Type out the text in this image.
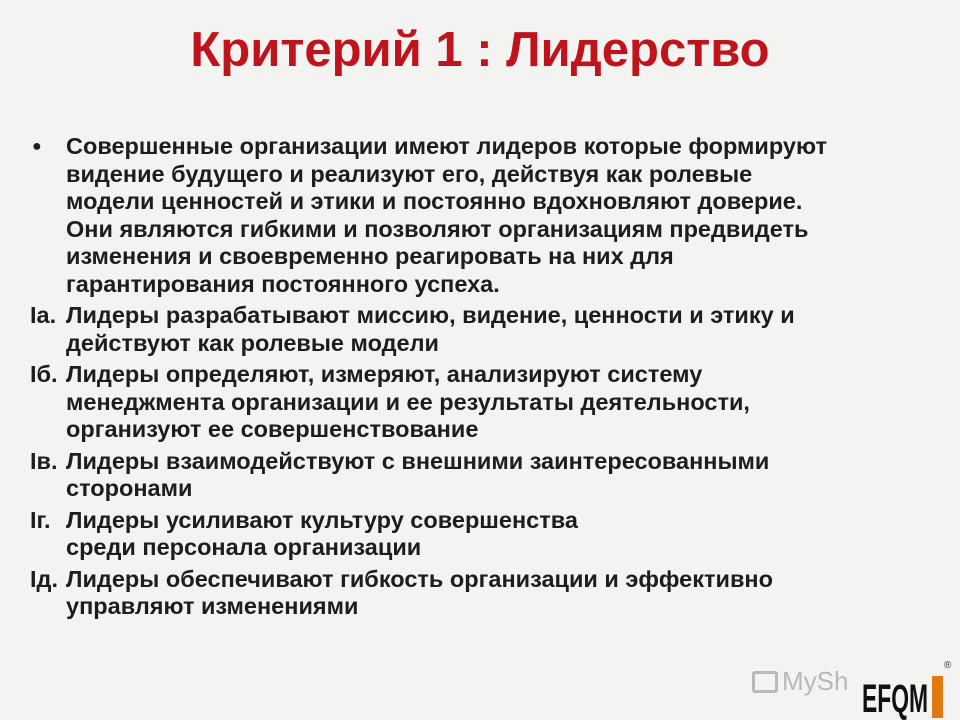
Критерий 1 : Лидерство
● Совершенные организации имеют лидеров которые формируют
видение будущего и реализуют его, действуя как ролевые
модели ценностей и этики и постоянно вдохновляют доверие.
Они являются гибкими и позволяют организациям предвидеть
изменения и своевременно реагировать на них для
гарантирования постоянного успеха.
Iа. Лидеры разрабатывают миссию, видение, ценности и этику и
действуют как ролевые модели
Iб. Лидеры определяют, измеряют, анализируют систему
менеджмента организации и ее результаты деятельности,
организуют ее совершенствование
Iв. Лидеры взаимодействуют с внешними заинтересованными
сторонами
Iг. Лидеры усиливают культуру совершенства
среди персонала организации
Iд. Лидеры обеспечивают гибкость организации и эффективно
управляют изменениями
MySh EFQM
®
